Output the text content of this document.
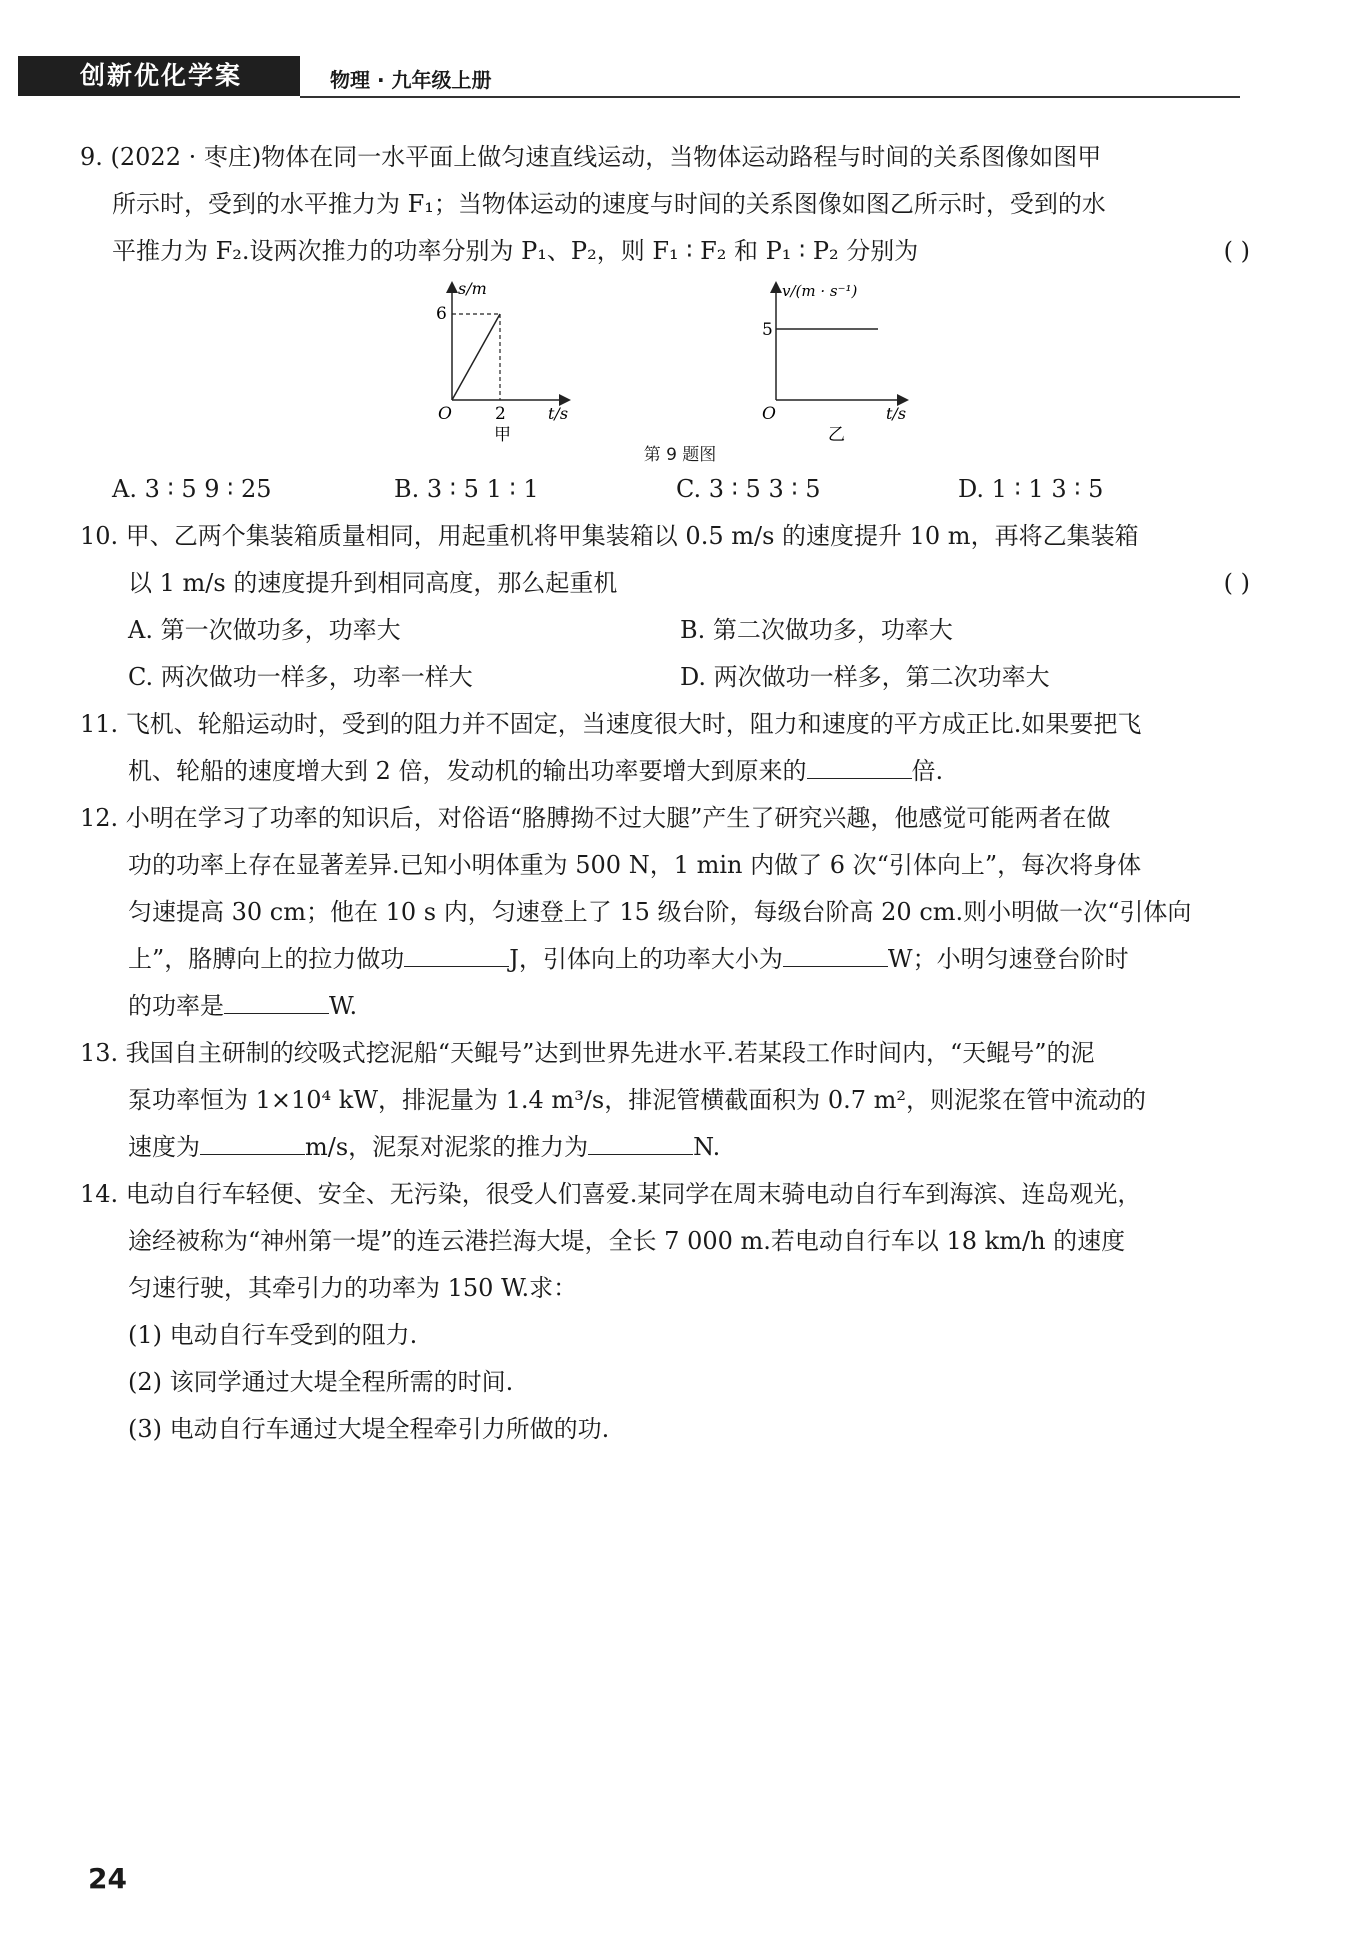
创新优化学案	物理 · 九年级上册

9. (2022 · 枣庄)物体在同一水平面上做匀速直线运动，当物体运动路程与时间的关系图像如图甲

所示时，受到的水平推力为 F₁；当物体运动的速度与时间的关系图像如图乙所示时，受到的水

平推力为 F₂.设两次推力的功率分别为 P₁、P₂，则 F₁ ∶ F₂ 和 P₁ ∶ P₂ 分别为	( )

s/m
6
O	2	t/s
甲
v/(m · s⁻¹)
5
O	t/s
乙
第 9 题图

A. 3 ∶ 5 9 ∶ 25	B. 3 ∶ 5 1 ∶ 1	C. 3 ∶ 5 3 ∶ 5	D. 1 ∶ 1 3 ∶ 5

10. 甲、乙两个集装箱质量相同，用起重机将甲集装箱以 0.5 m/s 的速度提升 10 m，再将乙集装箱

以 1 m/s 的速度提升到相同高度，那么起重机	( )

A. 第一次做功多，功率大	B. 第二次做功多，功率大

C. 两次做功一样多，功率一样大	D. 两次做功一样多，第二次功率大

11. 飞机、轮船运动时，受到的阻力并不固定，当速度很大时，阻力和速度的平方成正比.如果要把飞

机、轮船的速度增大到 2 倍，发动机的输出功率要增大到原来的	倍.

12. 小明在学习了功率的知识后，对俗语“胳膊拗不过大腿”产生了研究兴趣，他感觉可能两者在做

功的功率上存在显著差异.已知小明体重为 500 N，1 min 内做了 6 次“引体向上”，每次将身体

匀速提高 30 cm；他在 10 s 内，匀速登上了 15 级台阶，每级台阶高 20 cm.则小明做一次“引体向

上”，胳膊向上的拉力做功	J，引体向上的功率大小为	W；小明匀速登台阶时

的功率是	W.

13. 我国自主研制的绞吸式挖泥船“天鲲号”达到世界先进水平.若某段工作时间内，“天鲲号”的泥

泵功率恒为 1×10⁴ kW，排泥量为 1.4 m³/s，排泥管横截面积为 0.7 m²，则泥浆在管中流动的

速度为	m/s，泥泵对泥浆的推力为	N.

14. 电动自行车轻便、安全、无污染，很受人们喜爱.某同学在周末骑电动自行车到海滨、连岛观光，

途经被称为“神州第一堤”的连云港拦海大堤，全长 7 000 m.若电动自行车以 18 km/h 的速度

匀速行驶，其牵引力的功率为 150 W.求：

(1) 电动自行车受到的阻力.

(2) 该同学通过大堤全程所需的时间.

(3) 电动自行车通过大堤全程牵引力所做的功.

24
